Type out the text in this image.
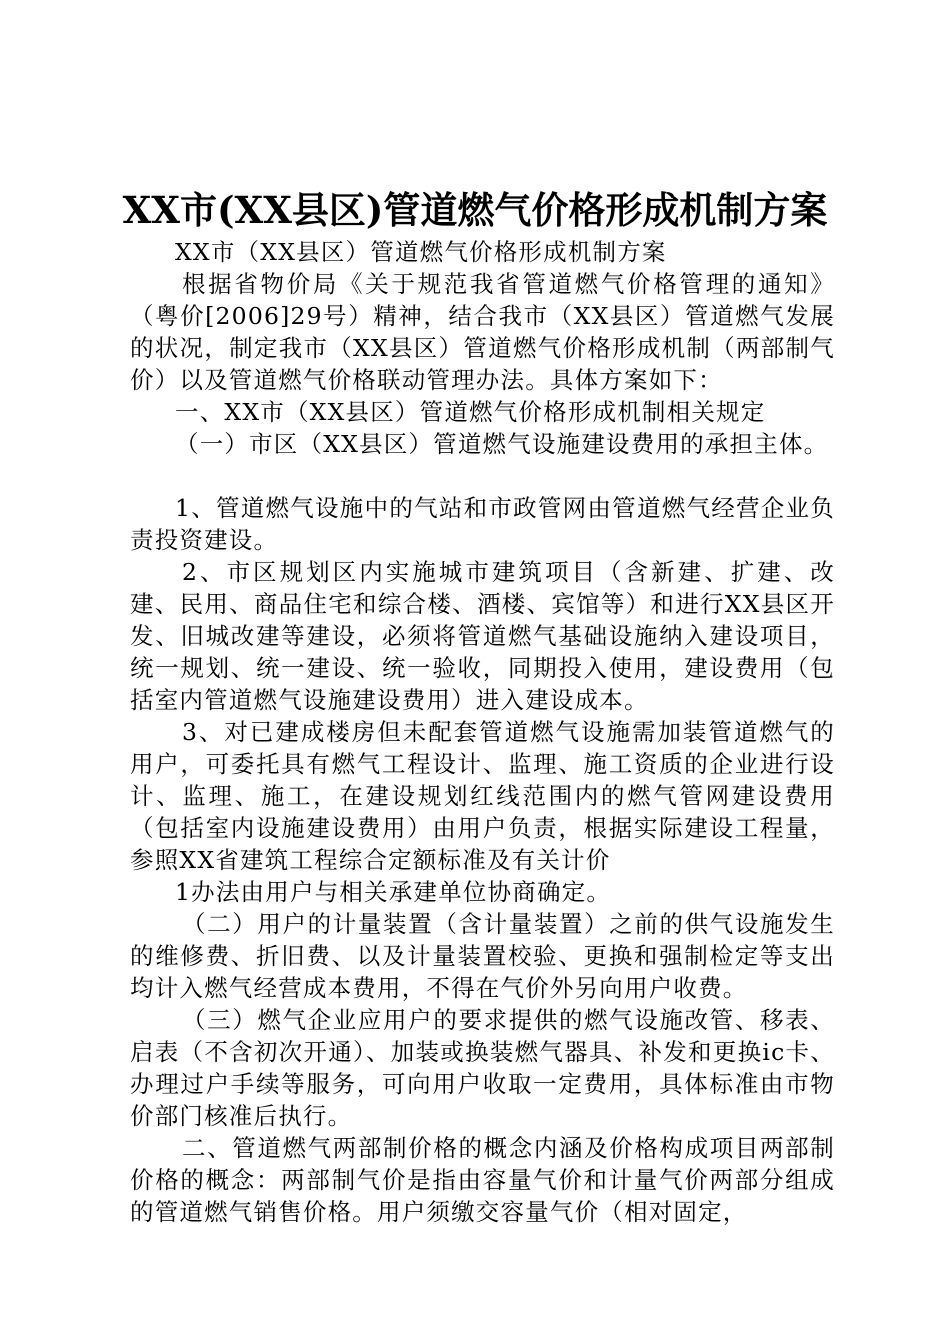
XX市(XX县区)管道燃气价格形成机制方案

XX市（XX县区）管道燃气价格形成机制方案

根据省物价局《关于规范我省管道燃气价格管理的通知》（粤价[2006]29号）精神，结合我市（XX县区）管道燃气发展的状况，制定我市（XX县区）管道燃气价格形成机制（两部制气价）以及管道燃气价格联动管理办法。具体方案如下：

一、XX市（XX县区）管道燃气价格形成机制相关规定

（一）市区（XX县区）管道燃气设施建设费用的承担主体。

1、管道燃气设施中的气站和市政管网由管道燃气经营企业负责投资建设。

2、市区规划区内实施城市建筑项目（含新建、扩建、改建、民用、商品住宅和综合楼、酒楼、宾馆等）和进行XX县区开发、旧城改建等建设，必须将管道燃气基础设施纳入建设项目，统一规划、统一建设、统一验收，同期投入使用，建设费用（包括室内管道燃气设施建设费用）进入建设成本。

3、对已建成楼房但未配套管道燃气设施需加装管道燃气的用户，可委托具有燃气工程设计、监理、施工资质的企业进行设计、监理、施工，在建设规划红线范围内的燃气管网建设费用（包括室内设施建设费用）由用户负责，根据实际建设工程量，参照XX省建筑工程综合定额标准及有关计价

1办法由用户与相关承建单位协商确定。

（二）用户的计量装置（含计量装置）之前的供气设施发生的维修费、折旧费、以及计量装置校验、更换和强制检定等支出均计入燃气经营成本费用，不得在气价外另向用户收费。

（三）燃气企业应用户的要求提供的燃气设施改管、移表、启表（不含初次开通）、加装或换装燃气器具、补发和更换ic卡、办理过户手续等服务，可向用户收取一定费用，具体标准由市物价部门核准后执行。

二、管道燃气两部制价格的概念内涵及价格构成项目两部制价格的概念：两部制气价是指由容量气价和计量气价两部分组成的管道燃气销售价格。用户须缴交容量气价（相对固定，
